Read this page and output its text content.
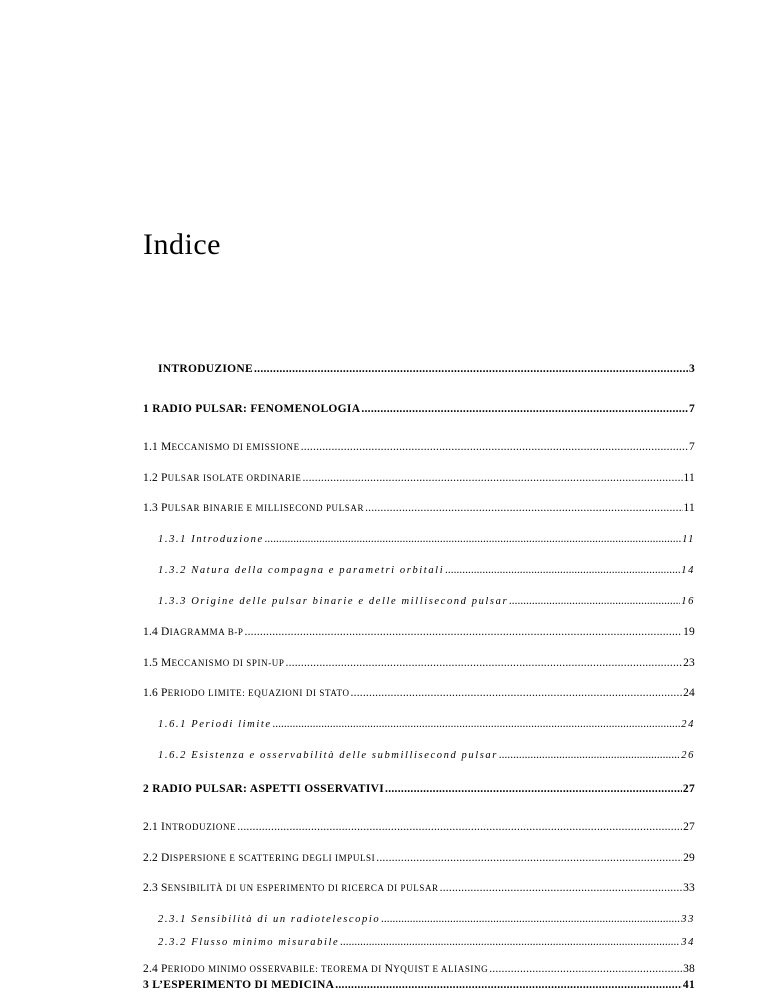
Indice
INTRODUZIONE .....	3
1 RADIO PULSAR: FENOMENOLOGIA .....	7
1.1 MECCANISMO DI EMISSIONE .....	7
1.2 PULSAR ISOLATE ORDINARIE .....	11
1.3 PULSAR BINARIE E MILLISECOND PULSAR .....	11
1.3.1 Introduzione .....	11
1.3.2 Natura della compagna e parametri orbitali .....	14
1.3.3 Origine delle pulsar binarie e delle millisecond pulsar .....	16
1.4 DIAGRAMMA B-P .....	19
1.5 MECCANISMO DI SPIN-UP .....	23
1.6 PERIODO LIMITE: EQUAZIONI DI STATO .....	24
1.6.1 Periodi limite .....	24
1.6.2 Esistenza e osservabilità delle submillisecond pulsar .....	26
2 RADIO PULSAR: ASPETTI OSSERVATIVI .....	27
2.1 INTRODUZIONE .....	27
2.2 DISPERSIONE E SCATTERING DEGLI IMPULSI .....	29
2.3 SENSIBILITÀ DI UN ESPERIMENTO DI RICERCA DI PULSAR .....	33
2.3.1 Sensibilità di un radiotelescopio .....	33
2.3.2 Flusso minimo misurabile .....	34
2.4 PERIODO MINIMO OSSERVABILE: TEOREMA DI NYQUIST E ALIASING .....	38
3 L’ESPERIMENTO DI MEDICINA .....	41
